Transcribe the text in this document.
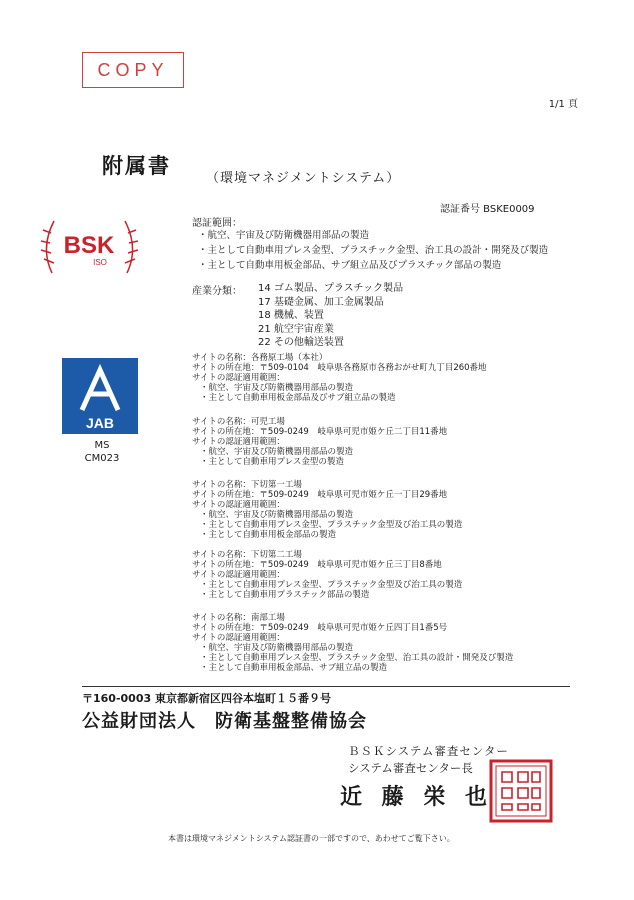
COPY
1/1 頁
附属書
（環境マネジメントシステム）
認証番号 BSKE0009
BSK
ISO
JAB
MS
CM023
認証範囲：
・航空、宇宙及び防衛機器用部品の製造
・主として自動車用プレス金型、プラスチック金型、治工具の設計・開発及び製造
・主として自動車用板金部品、サブ組立品及びプラスチック部品の製造
産業分類： 14 ゴム製品、プラスチック製品
17 基礎金属、加工金属製品
18 機械、装置
21 航空宇宙産業
22 その他輸送装置
サイトの名称：各務原工場（本社）
サイトの所在地：〒509-0104　岐阜県各務原市各務おがせ町九丁目260番地
サイトの認証適用範囲：
・航空、宇宙及び防衛機器用部品の製造
・主として自動車用板金部品及びサブ組立品の製造
サイトの名称：可児工場
サイトの所在地：〒509-0249　岐阜県可児市姫ケ丘二丁目11番地
サイトの認証適用範囲：
・航空、宇宙及び防衛機器用部品の製造
・主として自動車用プレス金型の製造
サイトの名称：下切第一工場
サイトの所在地：〒509-0249　岐阜県可児市姫ケ丘一丁目29番地
サイトの認証適用範囲：
・航空、宇宙及び防衛機器用部品の製造
・主として自動車用プレス金型、プラスチック金型及び治工具の製造
・主として自動車用板金部品の製造
サイトの名称：下切第二工場
サイトの所在地：〒509-0249　岐阜県可児市姫ケ丘三丁目8番地
サイトの認証適用範囲：
・主として自動車用プレス金型、プラスチック金型及び治工具の製造
・主として自動車用プラスチック部品の製造
サイトの名称：南部工場
サイトの所在地：〒509-0249　岐阜県可児市姫ケ丘四丁目1番5号
サイトの認証適用範囲：
・航空、宇宙及び防衛機器用部品の製造
・主として自動車用プレス金型、プラスチック金型、治工具の設計・開発及び製造
・主として自動車用板金部品、サブ組立品の製造
〒160-0003 東京都新宿区四谷本塩町１５番９号
公益財団法人　防衛基盤整備協会
ＢＳＫシステム審査センター
システム審査センター長
近 藤 栄 也
本書は環境マネジメントシステム認証書の一部ですので、あわせてご覧下さい。
